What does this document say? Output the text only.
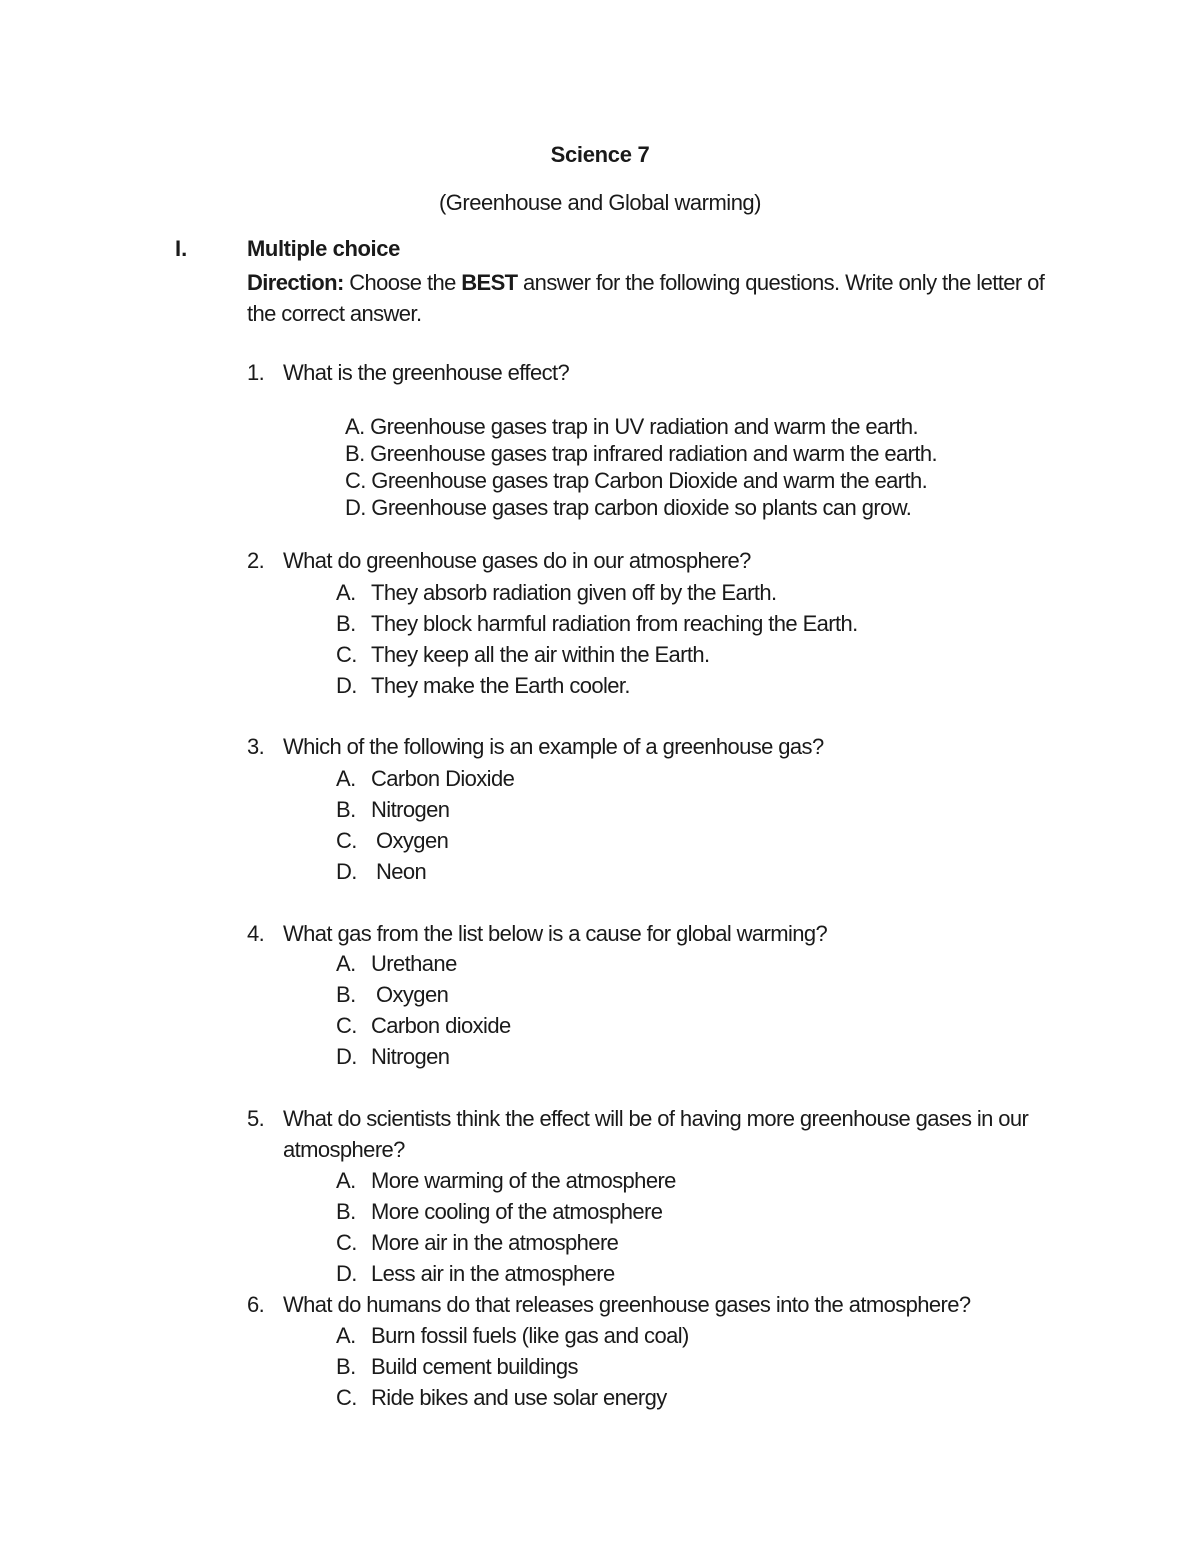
Science 7
(Greenhouse and Global warming)
I.	Multiple choice
Direction: Choose the BEST answer for the following questions. Write only the letter of the correct answer.
1. What is the greenhouse effect?
A. Greenhouse gases trap in UV radiation and warm the earth.
B. Greenhouse gases trap infrared radiation and warm the earth.
C. Greenhouse gases trap Carbon Dioxide and warm the earth.
D. Greenhouse gases trap carbon dioxide so plants can grow.
2. What do greenhouse gases do in our atmosphere?
A. They absorb radiation given off by the Earth.
B. They block harmful radiation from reaching the Earth.
C. They keep all the air within the Earth.
D. They make the Earth cooler.
3. Which of the following is an example of a greenhouse gas?
A. Carbon Dioxide
B. Nitrogen
C. Oxygen
D. Neon
4. What gas from the list below is a cause for global warming?
A. Urethane
B. Oxygen
C. Carbon dioxide
D. Nitrogen
5. What do scientists think the effect will be of having more greenhouse gases in our
atmosphere?
A. More warming of the atmosphere
B. More cooling of the atmosphere
C. More air in the atmosphere
D. Less air in the atmosphere
6. What do humans do that releases greenhouse gases into the atmosphere?
A. Burn fossil fuels (like gas and coal)
B. Build cement buildings
C. Ride bikes and use solar energy
